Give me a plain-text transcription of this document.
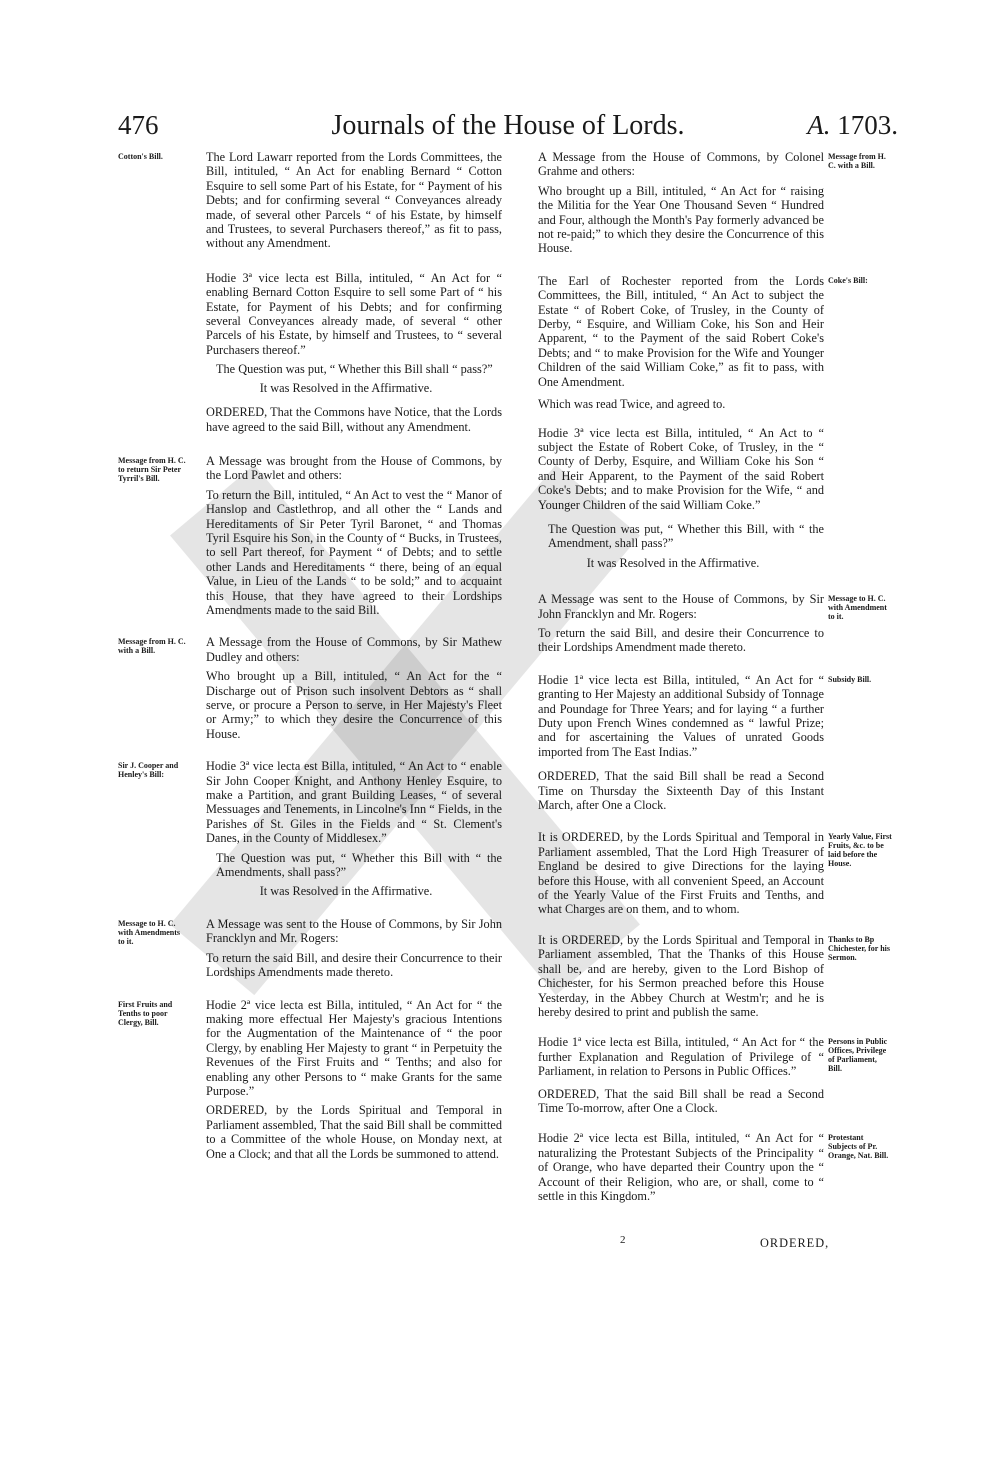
476	Journals of the House of Lords.	A. 1703.
Cotton's Bill.	The Lord Lawarr reported from the Lords Committees, the Bill, intituled, “ An Act for enabling Bernard “ Cotton Esquire to sell some Part of his Estate, for “ Payment of his Debts; and for confirming several “ Conveyances already made, of several other Parcels “ of his Estate, by himself and Trustees, to several Purchasers thereof,” as fit to pass, without any Amendment.

Hodie 3ª vice lecta est Billa, intituled, “ An Act for “ enabling Bernard Cotton Esquire to sell some Part of “ his Estate, for Payment of his Debts; and for confirming several Conveyances already made, of several “ other Parcels of his Estate, by himself and Trustees, to “ several Purchasers thereof.”

The Question was put, “ Whether this Bill shall “ pass?”

It was Resolved in the Affirmative.

ORDERED, That the Commons have Notice, that the Lords have agreed to the said Bill, without any Amendment.

Message from H. C. to return Sir Peter Tyrril's Bill.

A Message was brought from the House of Commons, by the Lord Pawlet and others:

To return the Bill, intituled, “ An Act to vest the “ Manor of Hanslop and Castlethrop, and all other the “ Lands and Hereditaments of Sir Peter Tyril Baronet, “ and Thomas Tyril Esquire his Son, in the County of “ Bucks, in Trustees, to sell Part thereof, for Payment “ of Debts; and to settle other Lands and Hereditaments “ there, being of an equal Value, in Lieu of the Lands “ to be sold;” and to acquaint this House, that they have agreed to their Lordships Amendments made to the said Bill.

Message from H. C. with a Bill.

A Message from the House of Commons, by Sir Mathew Dudley and others:

Who brought up a Bill, intituled, “ An Act for the “ Discharge out of Prison such insolvent Debtors as “ shall serve, or procure a Person to serve, in Her Majesty's Fleet or Army;” to which they desire the Concurrence of this House.

Sir J. Cooper and Henley's Bill:

Hodie 3ª vice lecta est Billa, intituled, “ An Act to “ enable Sir John Cooper Knight, and Anthony Henley Esquire, to make a Partition, and grant Building Leases, “ of several Messuages and Tenements, in Lincolne's Inn “ Fields, in the Parishes of St. Giles in the Fields and “ St. Clement's Danes, in the County of Middlesex.”

The Question was put, “ Whether this Bill with “ the Amendments, shall pass?”

It was Resolved in the Affirmative.

Message to H. C. with Amendments to it.

A Message was sent to the House of Commons, by Sir John Francklyn and Mr. Rogers:

To return the said Bill, and desire their Concurrence to their Lordships Amendments made thereto.

First Fruits and Tenths to poor Clergy, Bill.

Hodie 2ª vice lecta est Billa, intituled, “ An Act for “ the making more effectual Her Majesty's gracious Intentions for the Augmentation of the Maintenance of “ the poor Clergy, by enabling Her Majesty to grant “ in Perpetuity the Revenues of the First Fruits and “ Tenths; and also for enabling any other Persons to “ make Grants for the same Purpose.”

ORDERED, by the Lords Spiritual and Temporal in Parliament assembled, That the said Bill shall be committed to a Committee of the whole House, on Monday next, at One a Clock; and that all the Lords be summoned to attend.

Message from H. C. with a Bill.

A Message from the House of Commons, by Colonel Grahme and others:

Who brought up a Bill, intituled, “ An Act for “ raising the Militia for the Year One Thousand Seven “ Hundred and Four, although the Month's Pay formerly advanced be not re-paid;” to which they desire the Concurrence of this House.

Coke's Bill:

The Earl of Rochester reported from the Lords Committees, the Bill, intituled, “ An Act to subject the Estate “ of Robert Coke, of Trusley, in the County of Derby, “ Esquire, and William Coke, his Son and Heir Apparent, “ to the Payment of the said Robert Coke's Debts; and “ to make Provision for the Wife and Younger Children of the said William Coke,” as fit to pass, with One Amendment.

Which was read Twice, and agreed to.

Hodie 3ª vice lecta est Billa, intituled, “ An Act to “ subject the Estate of Robert Coke, of Trusley, in the “ County of Derby, Esquire, and William Coke his Son “ and Heir Apparent, to the Payment of the said Robert Coke's Debts; and to make Provision for the Wife, “ and Younger Children of the said William Coke.”

The Question was put, “ Whether this Bill, with “ the Amendment, shall pass?”

It was Resolved in the Affirmative.

Message to H. C. with Amendment to it.

A Message was sent to the House of Commons, by Sir John Francklyn and Mr. Rogers:

To return the said Bill, and desire their Concurrence to their Lordships Amendment made thereto.

Subsidy Bill.

Hodie 1ª vice lecta est Billa, intituled, “ An Act for “ granting to Her Majesty an additional Subsidy of Tonnage and Poundage for Three Years; and for laying “ a further Duty upon French Wines condemned as “ lawful Prize; and for ascertaining the Values of unrated Goods imported from The East Indias.”

ORDERED, That the said Bill shall be read a Second Time on Thursday the Sixteenth Day of this Instant March, after One a Clock.

Yearly Value, First Fruits, &c. to be laid before the House.

It is ORDERED, by the Lords Spiritual and Temporal in Parliament assembled, That the Lord High Treasurer of England be desired to give Directions for the laying before this House, with all convenient Speed, an Account of the Yearly Value of the First Fruits and Tenths, and what Charges are on them, and to whom.

Thanks to Bp Chichester, for his Sermon.

It is ORDERED, by the Lords Spiritual and Temporal in Parliament assembled, That the Thanks of this House shall be, and are hereby, given to the Lord Bishop of Chichester, for his Sermon preached before this House Yesterday, in the Abbey Church at Westm'r; and he is hereby desired to print and publish the same.

Persons in Public Offices, Privilege of Parliament, Bill.

Hodie 1ª vice lecta est Billa, intituled, “ An Act for “ the further Explanation and Regulation of Privilege of “ Parliament, in relation to Persons in Public Offices.”

ORDERED, That the said Bill shall be read a Second Time To-morrow, after One a Clock.

Protestant Subjects of Pr. Orange, Nat. Bill.

Hodie 2ª vice lecta est Billa, intituled, “ An Act for “ naturalizing the Protestant Subjects of the Principality “ of Orange, who have departed their Country upon the “ Account of their Religion, who are, or shall, come to “ settle in this Kingdom.”

2	ORDERED,
